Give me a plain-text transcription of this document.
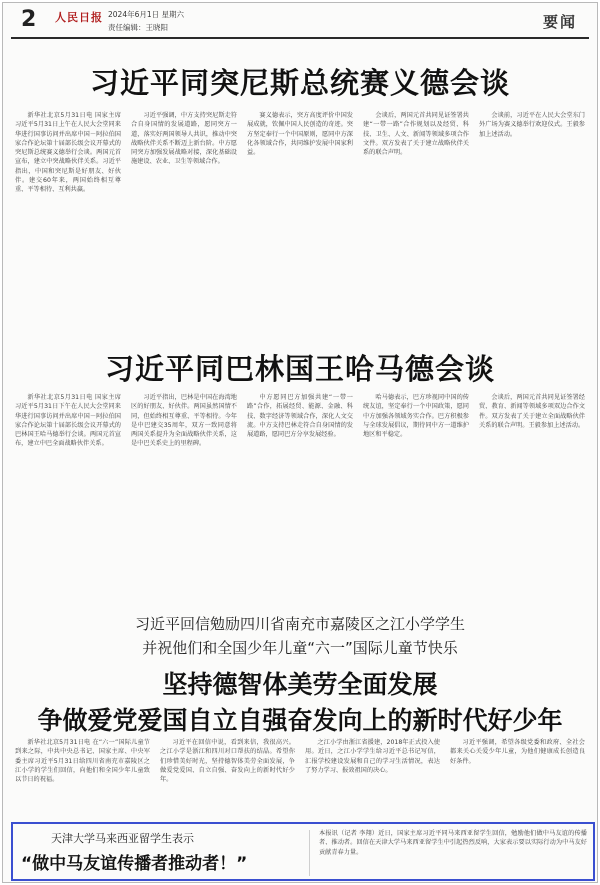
2 人民日报 2024年6月1日 星期六
责任编辑：王晓阳	要闻
习近平同突尼斯总统赛义德会谈

新华社北京5月31日电 国家主席习近平5月31日上午在人民大会堂同来华进行国事访问并出席中国－阿拉伯国家合作论坛第十届部长级会议开幕式的突尼斯总统赛义德举行会谈。两国元首宣布，建立中突战略伙伴关系。习近平指出，中国和突尼斯是好朋友、好伙伴。建交60年来，两国始终相互尊重、平等相待、互利共赢。

习近平强调，中方支持突尼斯走符合自身国情的发展道路，愿同突方一道，落实好两国领导人共识，推动中突战略伙伴关系不断迈上新台阶。中方愿同突方加强发展战略对接，深化基础设施建设、农业、卫生等领域合作。

赛义德表示，突方高度评价中国发展成就，钦佩中国人民创造的奇迹。突方坚定奉行一个中国原则，愿同中方深化各领域合作，共同维护发展中国家利益。

会谈后，两国元首共同见证签署共建“一带一路”合作规划以及经贸、科技、卫生、人文、新闻等领域多项合作文件。双方发表了关于建立战略伙伴关系的联合声明。

会谈前，习近平在人民大会堂东门外广场为赛义德举行欢迎仪式。王毅参加上述活动。

习近平同巴林国王哈马德会谈

新华社北京5月31日电 国家主席习近平5月31日下午在人民大会堂同来华进行国事访问并出席中国－阿拉伯国家合作论坛第十届部长级会议开幕式的巴林国王哈马德举行会谈。两国元首宣布，建立中巴全面战略伙伴关系。

习近平指出，巴林是中国在海湾地区的好朋友、好伙伴。两国虽然国情不同，但始终相互尊重、平等相待。今年是中巴建交35周年，双方一致同意将两国关系提升为全面战略伙伴关系，这是中巴关系史上的里程碑。

中方愿同巴方加强共建“一带一路”合作，拓展经贸、能源、金融、科技、数字经济等领域合作，深化人文交流。中方支持巴林走符合自身国情的发展道路，愿同巴方分享发展经验。

哈马德表示，巴方珍视同中国的传统友谊，坚定奉行一个中国政策，愿同中方加强各领域务实合作。巴方积极参与全球发展倡议，期待同中方一道维护地区和平稳定。

会谈后，两国元首共同见证签署经贸、教育、新闻等领域多项双边合作文件。双方发表了关于建立全面战略伙伴关系的联合声明。王毅参加上述活动。

习近平回信勉励四川省南充市嘉陵区之江小学学生
并祝他们和全国少年儿童“六一”国际儿童节快乐
坚持德智体美劳全面发展
争做爱党爱国自立自强奋发向上的新时代好少年

新华社北京5月31日电 在“六一”国际儿童节到来之际，中共中央总书记、国家主席、中央军委主席习近平5月31日给四川省南充市嘉陵区之江小学的学生们回信，向他们和全国少年儿童致以节日的祝福。

习近平在回信中说，看到来信，我很高兴。之江小学是浙江和四川对口帮扶的结晶。希望你们珍惜美好时光，坚持德智体美劳全面发展，争做爱党爱国、自立自强、奋发向上的新时代好少年。

之江小学由浙江省援建，2018年正式投入使用。近日，之江小学学生给习近平总书记写信，汇报学校建设发展和自己的学习生活情况，表达了努力学习、报效祖国的决心。

习近平强调，希望各级党委和政府、全社会都来关心关爱少年儿童，为他们健康成长创造良好条件。

天津大学马来西亚留学生表示
“做中马友谊传播者推动者！”
本报讯（记者 李翔）近日，国家主席习近平同马来西亚留学生回信，勉励他们做中马友谊的传播者、推动者。回信在天津大学马来西亚留学生中引起热烈反响，大家表示要以实际行动为中马友好贡献青春力量。
